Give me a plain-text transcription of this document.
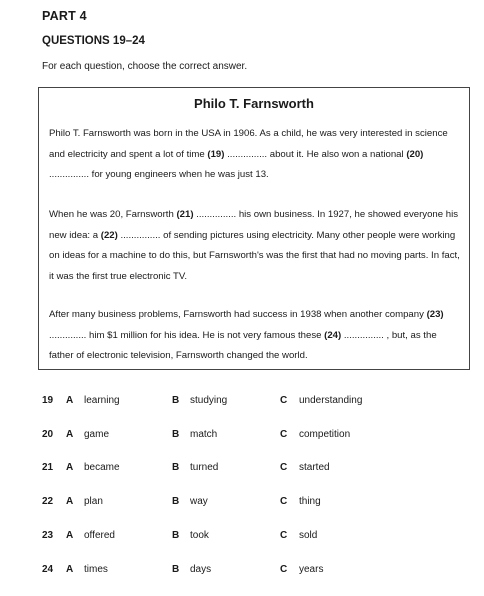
PART 4
QUESTIONS 19–24
For each question, choose the correct answer.
Philo T. Farnsworth
Philo T. Farnsworth was born in the USA in 1906. As a child, he was very interested in science and electricity and spent a lot of time (19) ............... about it. He also won a national (20) ............... for young engineers when he was just 13.
When he was 20, Farnsworth (21) ............... his own business. In 1927, he showed everyone his new idea: a (22) ............... of sending pictures using electricity. Many other people were working on ideas for a machine to do this, but Farnsworth's was the first that had no moving parts. In fact, it was the first true electronic TV.
After many business problems, Farnsworth had success in 1938 when another company (23) .............. him $1 million for his idea. He is not very famous these (24) ............... , but, as the father of electronic television, Farnsworth changed the world.
19 A learning	B studying	C understanding
20 A game	B match	C competition
21 A became	B turned	C started
22 A plan	B way	C thing
23 A offered	B took	C sold
24 A times	B days	C years
